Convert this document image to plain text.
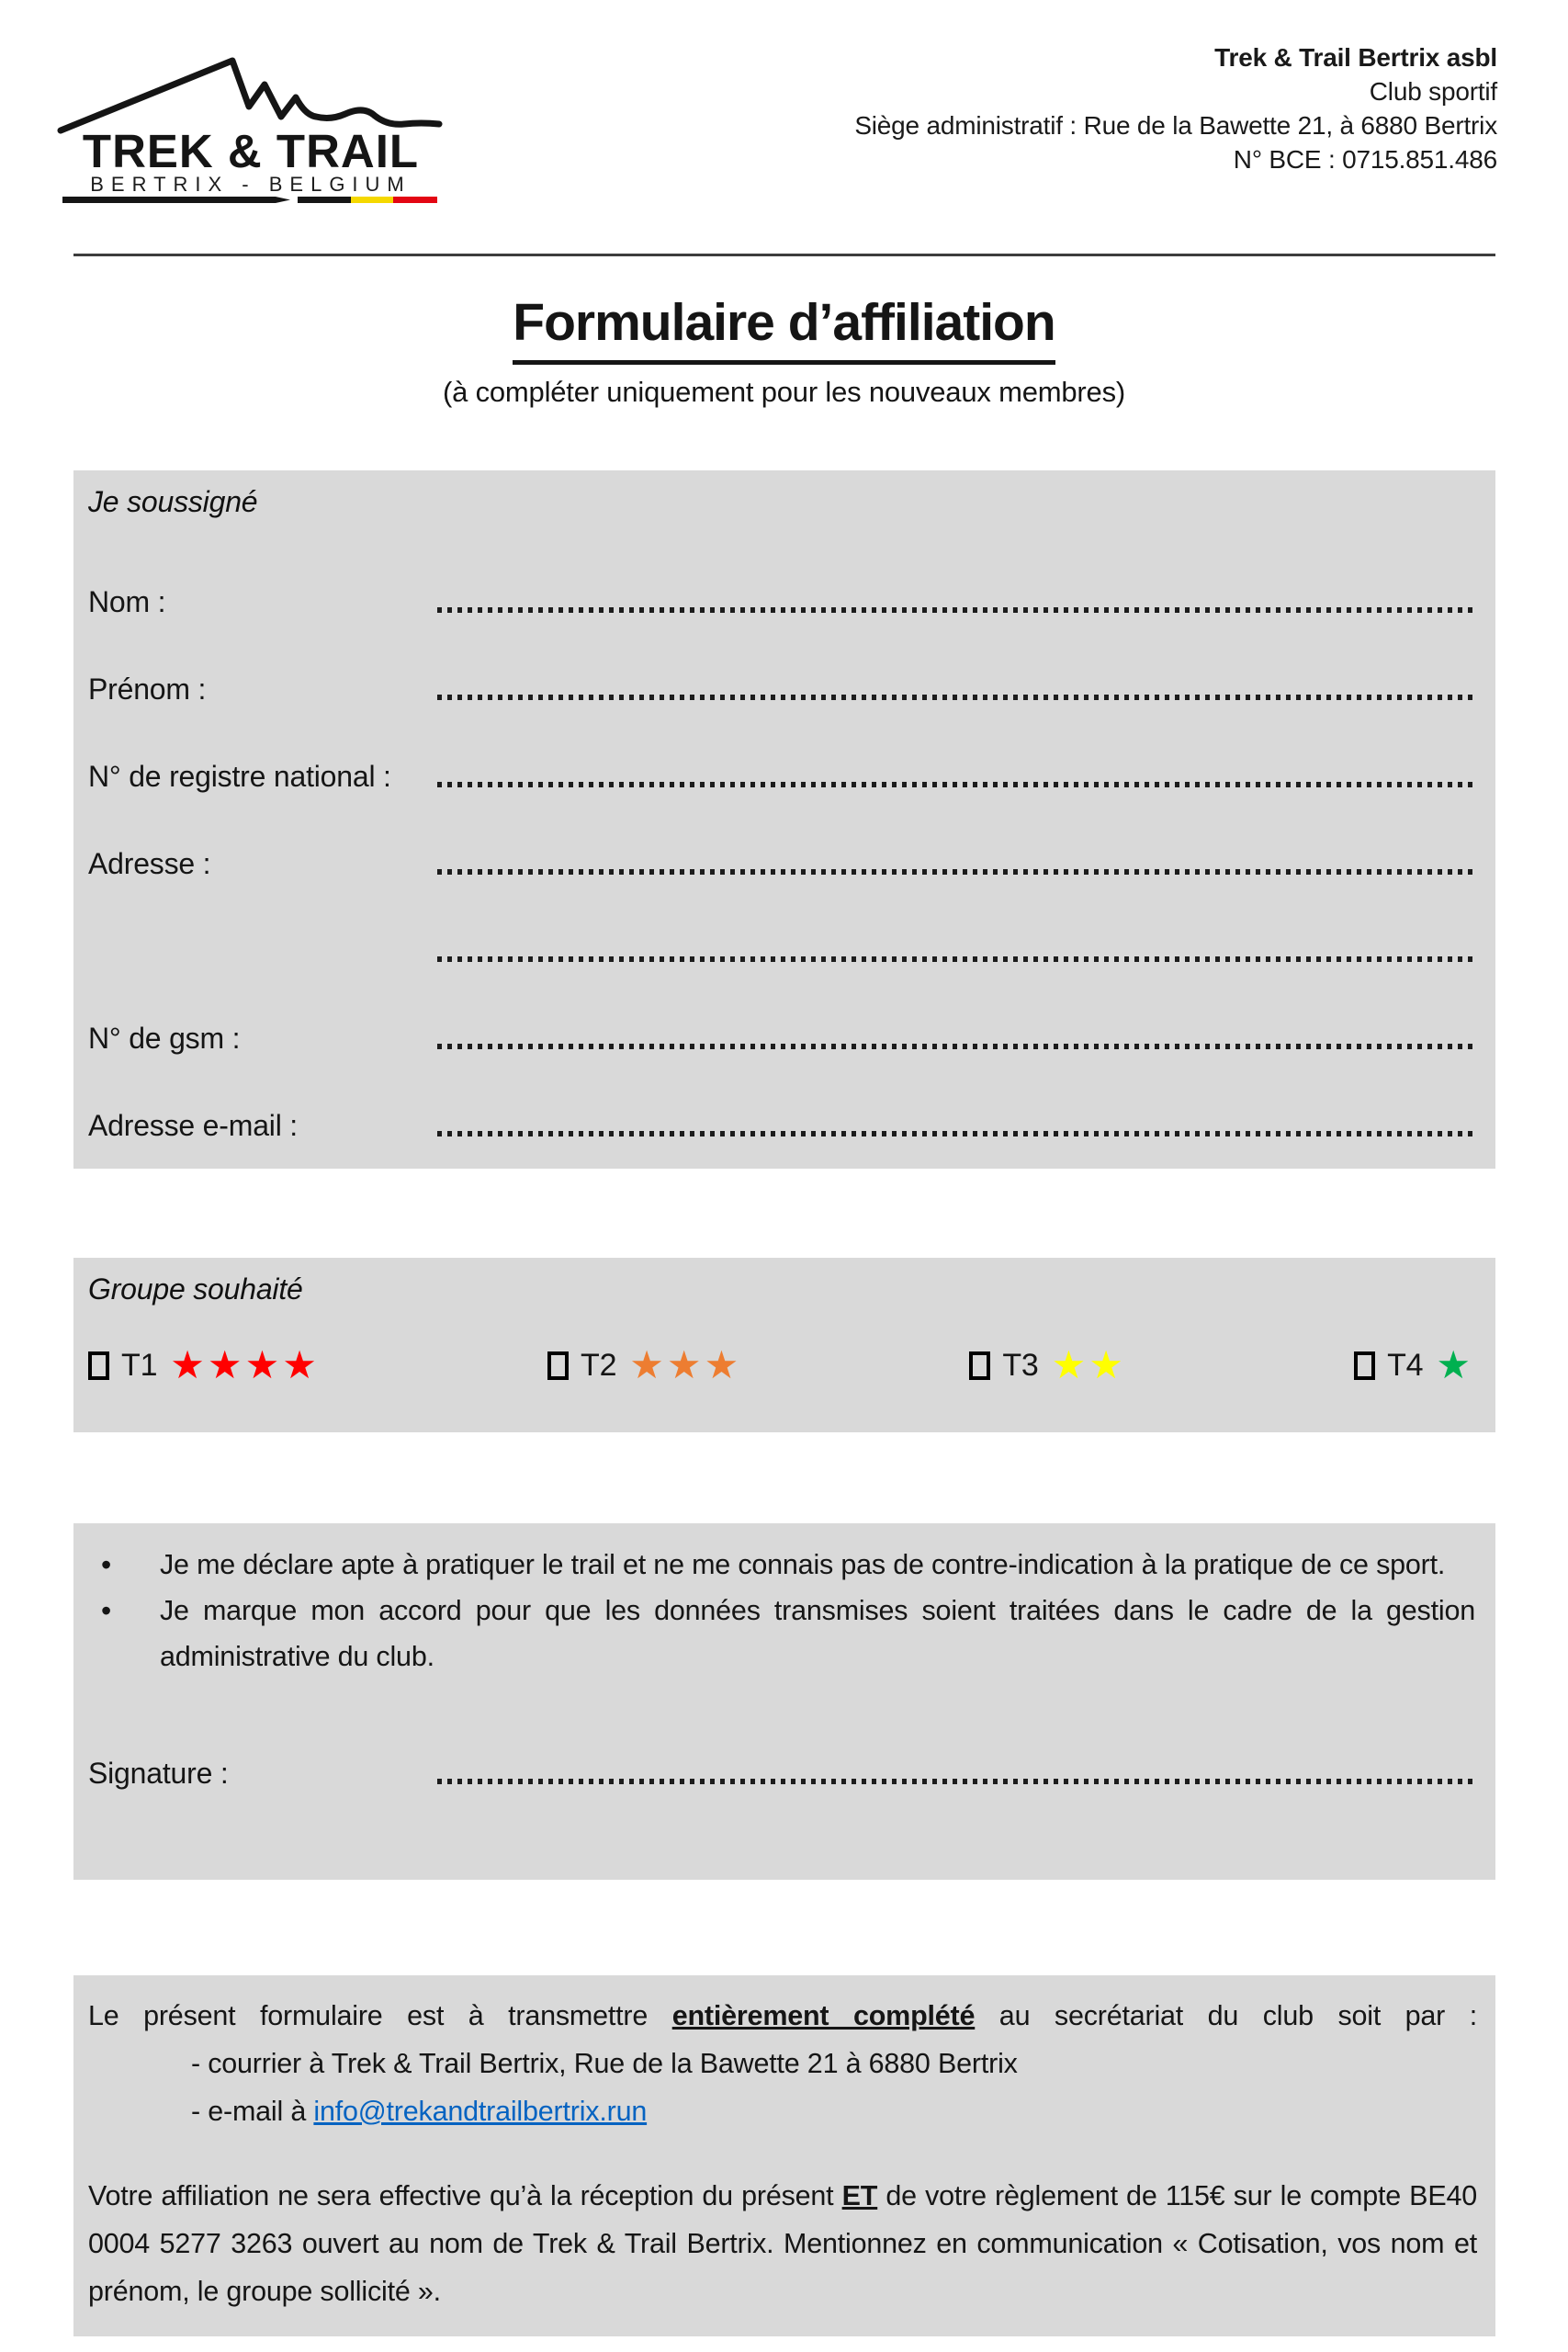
TREK & TRAIL
BERTRIX - BELGIUM
Trek & Trail Bertrix asbl
Club sportif
Siège administratif : Rue de la Bawette 21, à 6880 Bertrix
N° BCE : 0715.851.486
Formulaire d’affiliation
(à compléter uniquement pour les nouveaux membres)
Je soussigné
Nom :
Prénom :
N° de registre national :
Adresse :
N° de gsm :
Adresse e-mail :
Groupe souhaité
T1 ★★★★	T2 ★★★	T3 ★★	T4 ★
•	Je me déclare apte à pratiquer le trail et ne me connais pas de contre-indication à la pratique de ce sport.
•	Je marque mon accord pour que les données transmises soient traitées dans le cadre de la gestion administrative du club.
Signature :
Le présent formulaire est à transmettre entièrement complété au secrétariat du club soit par :
- courrier à Trek & Trail Bertrix, Rue de la Bawette 21 à 6880 Bertrix
- e-mail à info@trekandtrailbertrix.run
Votre affiliation ne sera effective qu’à la réception du présent ET de votre règlement de 115€ sur le compte BE40 0004 5277 3263 ouvert au nom de Trek & Trail Bertrix. Mentionnez en communication « Cotisation, vos nom et prénom, le groupe sollicité ».
